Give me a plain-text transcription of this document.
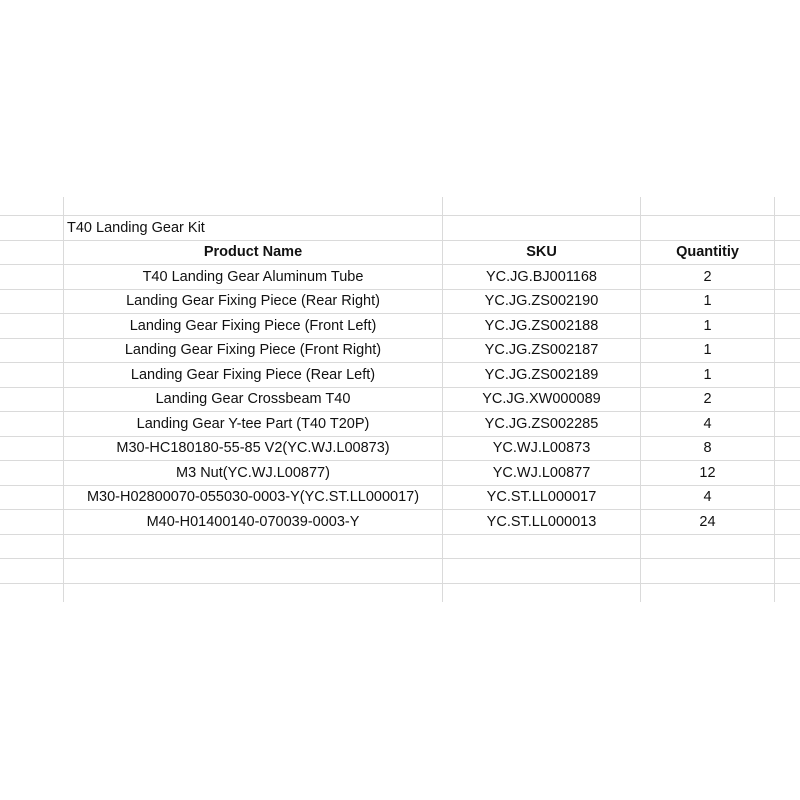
T40 Landing Gear Kit
Product Name	SKU	Quantitiy
T40 Landing Gear Aluminum Tube	YC.JG.BJ001168	2
Landing Gear Fixing Piece (Rear Right)	YC.JG.ZS002190	1
Landing Gear Fixing Piece (Front Left)	YC.JG.ZS002188	1
Landing Gear Fixing Piece (Front Right)	YC.JG.ZS002187	1
Landing Gear Fixing Piece (Rear Left)	YC.JG.ZS002189	1
Landing Gear Crossbeam T40	YC.JG.XW000089	2
Landing Gear Y-tee Part (T40 T20P)	YC.JG.ZS002285	4
M30-HC180180-55-85 V2(YC.WJ.L00873)	YC.WJ.L00873	8
M3 Nut(YC.WJ.L00877)	YC.WJ.L00877	12
M30-H02800070-055030-0003-Y(YC.ST.LL000017)	YC.ST.LL000017	4
M40-H01400140-070039-0003-Y	YC.ST.LL000013	24
